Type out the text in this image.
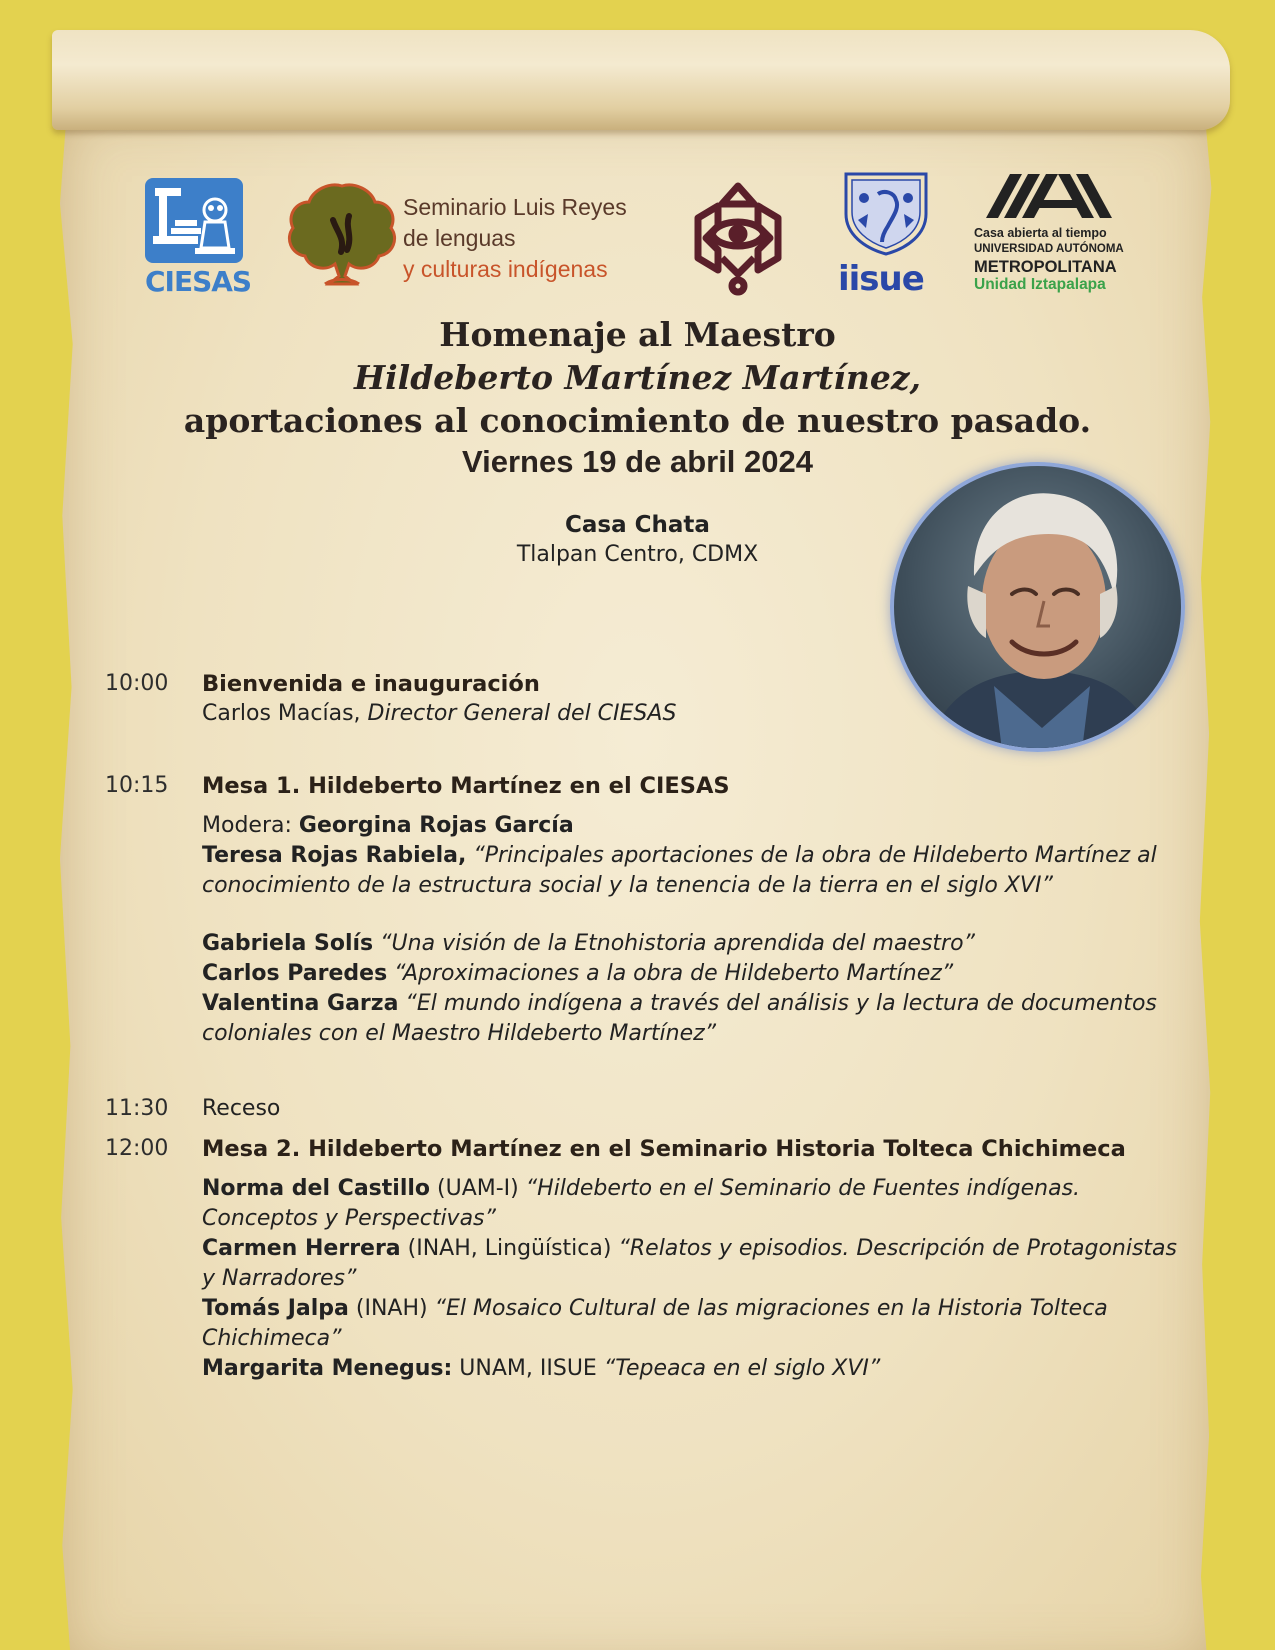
CIESAS
Seminario Luis Reyes
de lenguas
y culturas indígenas	iisue
Casa abierta al tiempo
UNIVERSIDAD AUTÓNOMA
METROPOLITANA
Unidad Iztapalapa
Homenaje al Maestro
Hildeberto Martínez Martínez,
aportaciones al conocimiento de nuestro pasado.
Viernes 19 de abril 2024
Casa Chata
Tlalpan Centro, CDMX
10:00 Bienvenida e inauguración
Carlos Macías, Director General del CIESAS
10:15 Mesa 1. Hildeberto Martínez en el CIESAS
Modera: Georgina Rojas García
Teresa Rojas Rabiela, “Principales aportaciones de la obra de Hildeberto Martínez al conocimiento de la estructura social y la tenencia de la tierra en el siglo XVI”
Gabriela Solís “Una visión de la Etnohistoria aprendida del maestro”
Carlos Paredes “Aproximaciones a la obra de Hildeberto Martínez”
Valentina Garza “El mundo indígena a través del análisis y la lectura de documentos coloniales con el Maestro Hildeberto Martínez”
11:30 Receso
12:00 Mesa 2. Hildeberto Martínez en el Seminario Historia Tolteca Chichimeca
Norma del Castillo (UAM-I) “Hildeberto en el Seminario de Fuentes indígenas. Conceptos y Perspectivas”
Carmen Herrera (INAH, Lingüística) “Relatos y episodios. Descripción de Protagonistas y Narradores”
Tomás Jalpa (INAH) “El Mosaico Cultural de las migraciones en la Historia Tolteca Chichimeca”
Margarita Menegus: UNAM, IISUE “Tepeaca en el siglo XVI”
